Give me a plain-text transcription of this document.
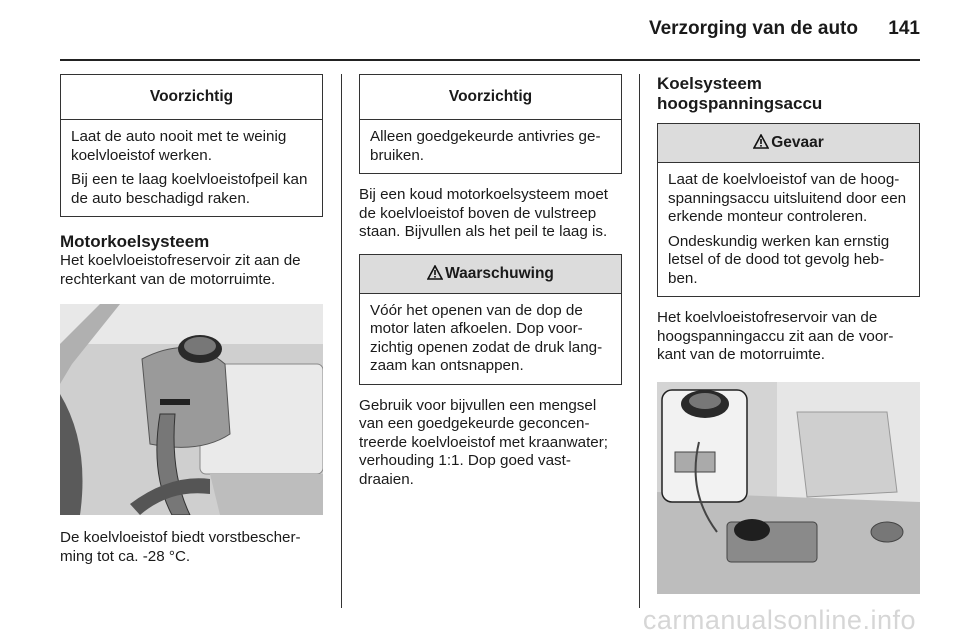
Verzorging van de auto 141
Voorzichtig

Laat de auto nooit met te weinig koelvloeistof werken.

Bij een te laag koelvloeistofpeil kan de auto beschadigd raken.

Motorkoelsysteem

Het koelvloeistofreservoir zit aan de rechterkant van de motorruimte.

De koelvloeistof biedt vorstbescher-ming tot ca. -28 °C.

Voorzichtig

Alleen goedgekeurde antivries ge-bruiken.

Bij een koud motorkoelsysteem moet de koelvloeistof boven de vulstreep staan. Bijvullen als het peil te laag is.

Waarschuwing

Vóór het openen van de dop de motor laten afkoelen. Dop voor-zichtig openen zodat de druk lang-zaam kan ontsnappen.

Gebruik voor bijvullen een mengsel van een goedgekeurde geconcen-treerde koelvloeistof met kraanwater; verhouding 1:1. Dop goed vast-draaien.

Koelsysteem
hoogspanningsaccu
Gevaar

Laat de koelvloeistof van de hoog-spanningsaccu uitsluitend door een erkende monteur controleren.

Ondeskundig werken kan ernstig letsel of de dood tot gevolg heb-ben.

Het koelvloeistofreservoir van de hoogspanningaccu zit aan de voor-kant van de motorruimte.

carmanualsonline.info
